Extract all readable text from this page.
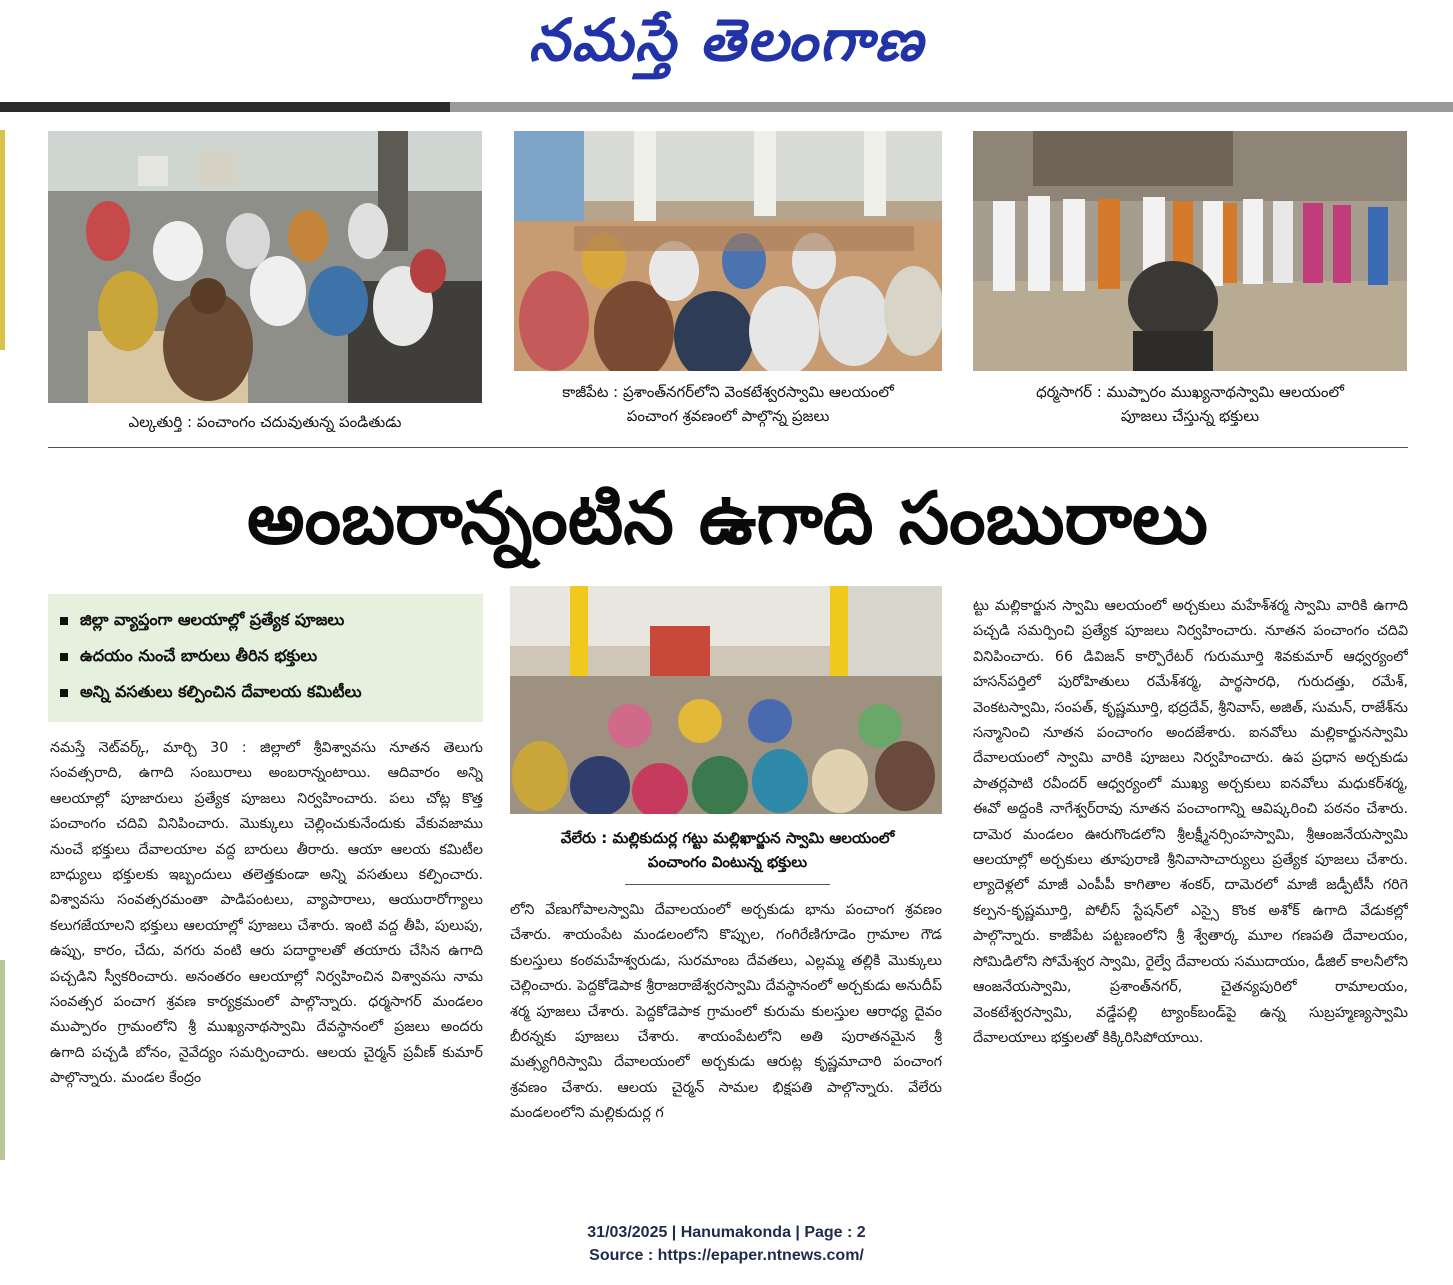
నమస్తే తెలంగాణ
ఎల్కతుర్తి : పంచాంగం చదువుతున్న పండితుడు
కాజీపేట : ప్రశాంత్‌నగర్‌లోని వెంకటేశ్వరస్వామి ఆలయంలో
పంచాంగ శ్రవణంలో పాల్గొన్న ప్రజలు
ధర్మసాగర్ : ముప్పారం ముఖ్యనాథస్వామి ఆలయంలో
పూజలు చేస్తున్న భక్తులు
అంబరాన్నంటిన ఉగాది సంబురాలు
జిల్లా వ్యాప్తంగా ఆలయాల్లో ప్రత్యేక పూజలు
ఉదయం నుంచే బారులు తీరిన భక్తులు
అన్ని వసతులు కల్పించిన దేవాలయ కమిటీలు
వేలేరు : మల్లికుదుర్ల గట్టు మల్లిఖార్జున స్వామి ఆలయంలో
పంచాంగం వింటున్న భక్తులు

నమస్తే నెట్‌వర్క్, మార్చి 30 : జిల్లాలో శ్రీవిశ్వావసు నూతన తెలుగు సంవత్సరాది, ఉగాది సంబురాలు అంబరాన్నంటాయి. ఆదివారం అన్ని ఆలయాల్లో పూజారులు ప్రత్యేక పూజలు నిర్వహించారు. పలు చోట్ల కొత్త పంచాంగం చదివి వినిపించారు. మొక్కులు చెల్లించుకునేందుకు వేకువజాము నుంచే భక్తులు దేవాలయాల వద్ద బారులు తీరారు. ఆయా ఆలయ కమిటీల బాధ్యులు భక్తులకు ఇబ్బందులు తలెత్తకుండా అన్ని వసతులు కల్పించారు. విశ్వావసు సంవత్సరమంతా పాడిపంటలు, వ్యాపారాలు, ఆయురారోగ్యాలు కలుగజేయాలని భక్తులు ఆలయాల్లో పూజలు చేశారు. ఇంటి వద్ద తీపి, పులుపు, ఉప్పు, కారం, చేదు, వగరు వంటి ఆరు పదార్థాలతో తయారు చేసిన ఉగాది పచ్చడిని స్వీకరించారు. అనంతరం ఆలయాల్లో నిర్వహించిన విశ్వావసు నామ సంవత్సర పంచాగ శ్రవణ కార్యక్రమంలో పాల్గొన్నారు. ధర్మసాగర్ మండలం ముప్పారం గ్రామంలోని శ్రీ ముఖ్యనాథస్వామి దేవస్థానంలో ప్రజలు అందరు ఉగాది పచ్చడి బోనం, నైవేద్యం సమర్పించారు. ఆలయ చైర్మన్ ప్రవీణ్ కుమార్ పాల్గొన్నారు. మండల కేంద్రం

లోని వేణుగోపాలస్వామి దేవాలయంలో అర్చకుడు భాను పంచాంగ శ్రవణం చేశారు. శాయంపేట మండలంలోని కొప్పుల, గంగిరేణిగూడెం గ్రామాల గౌడ కులస్తులు కంఠమహేశ్వరుడు, సురమాంబ దేవతలు, ఎల్లమ్మ తల్లికి మొక్కులు చెల్లించారు. పెద్దకోడెపాక శ్రీరాజరాజేశ్వరస్వామి దేవస్థానంలో అర్చకుడు అనుదీప్ శర్మ పూజలు చేశారు. పెద్దకోడెపాక గ్రామంలో కురుమ కులస్తుల ఆరాధ్య దైవం బీరన్నకు పూజలు చేశారు. శాయంపేటలోని అతి పురాతనమైన శ్రీ మత్స్యగిరిస్వామి దేవాలయంలో అర్చకుడు ఆరుట్ల కృష్ణమాచారి పంచాంగ శ్రవణం చేశారు. ఆలయ చైర్మన్ సామల భిక్షపతి పాల్గొన్నారు. వేలేరు మండలంలోని మల్లికుదుర్ల గ

ట్టు మల్లికార్జున స్వామి ఆలయంలో అర్చకులు మహేశ్‌శర్మ స్వామి వారికి ఉగాది పచ్చడి సమర్పించి ప్రత్యేక పూజలు నిర్వహించారు. నూతన పంచాంగం చదివి వినిపించారు. 66 డివిజన్ కార్పొరేటర్ గురుమూర్తి శివకుమార్ ఆధ్వర్యంలో హసన్‌పర్తిలో పురోహితులు రమేశ్‌శర్మ, పార్థసారధి, గురుదత్తు, రమేశ్, వెంకటస్వామి, సంపత్, కృష్ణమూర్తి, భద్రదేవ్, శ్రీనివాస్, అజిత్, సుమన్, రాజేశ్‌ను సన్మానించి నూతన పంచాంగం అందజేశారు. ఐనవోలు మల్లికార్జునస్వామి దేవాలయంలో స్వామి వారికి పూజలు నిర్వహించారు. ఉప ప్రధాన అర్చకుడు పాతర్లపాటి రవీందర్ ఆధ్వర్యంలో ముఖ్య అర్చకులు ఐనవోలు మధుకర్‌శర్మ, ఈవో అద్దంకి నాగేశ్వర్‌రావు నూతన పంచాంగాన్ని ఆవిష్కరించి పఠనం చేశారు. దామెర మండలం ఊరుగొండలోని శ్రీలక్ష్మీనర్సింహస్వామి, శ్రీఆంజనేయస్వామి ఆలయాల్లో అర్చకులు తూపురాణి శ్రీనివాసాచార్యులు ప్రత్యేక పూజలు చేశారు. ల్యాదెళ్లలో మాజీ ఎంపీపీ కాగితాల శంకర్, దామెరలో మాజీ జడ్పీటీసీ గరిగె కల్పన-కృష్ణమూర్తి, పోలీస్ స్టేషన్‌లో ఎస్సై కొంక అశోక్ ఉగాది వేడుకల్లో పాల్గొన్నారు. కాజీపేట పట్టణంలోని శ్రీ శ్వేతార్క మూల గణపతి దేవాలయం, సోమిడిలోని సోమేశ్వర స్వామి, రైల్వే దేవాలయ సముదాయం, డీజిల్ కాలనీలోని ఆంజనేయస్వామి, ప్రశాంత్‌నగర్, చైతన్యపురిలో రామాలయం, వెంకటేశ్వరస్వామి, వడ్డేపల్లి ట్యాంక్‌బండ్‌పై ఉన్న సుబ్రహ్మణ్యస్వామి దేవాలయాలు భక్తులతో కిక్కిరిసిపోయాయి.

31/03/2025 | Hanumakonda | Page : 2
Source : https://epaper.ntnews.com/
